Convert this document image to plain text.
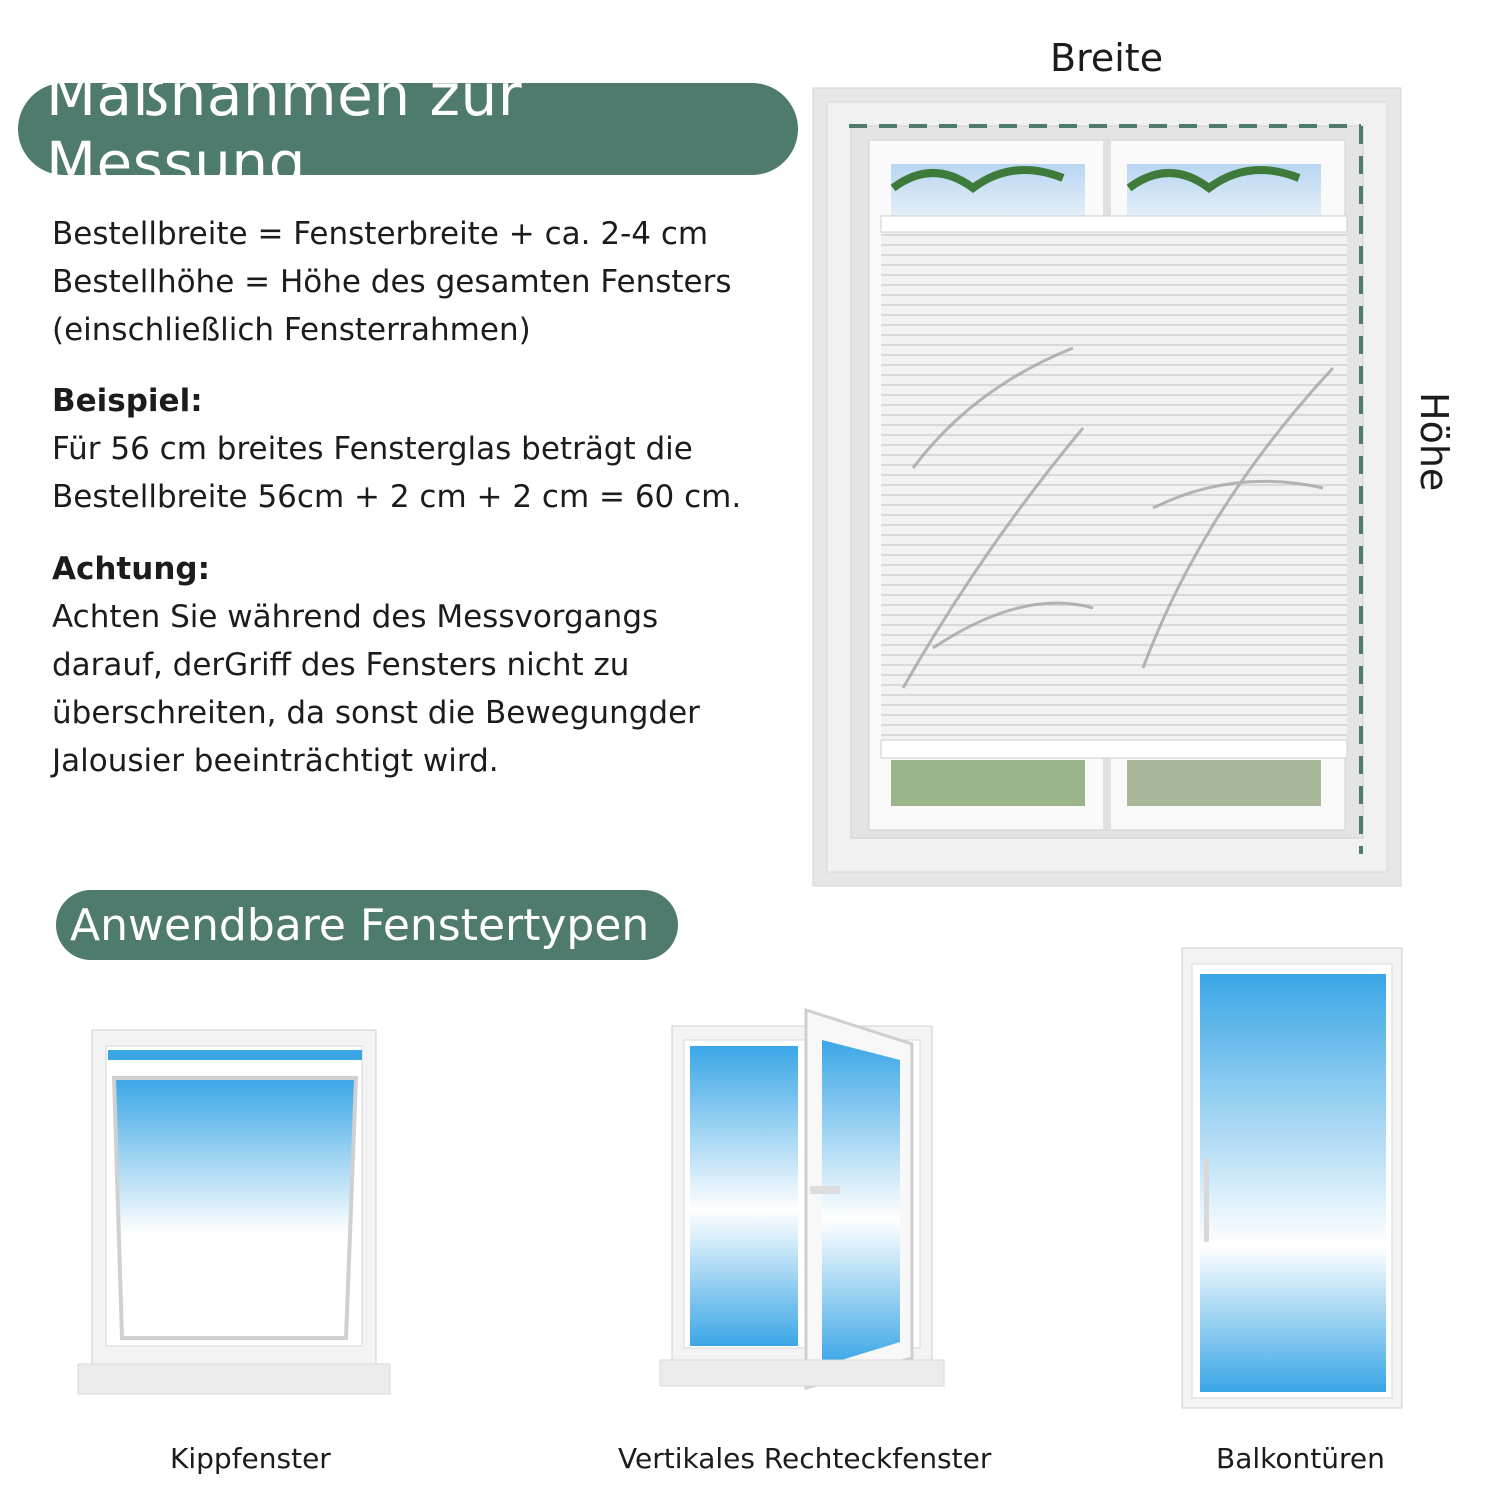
Maßnahmen zur Messung
Bestellbreite = Fensterbreite + ca. 2-4 cm
Bestellhöhe = Höhe des gesamten Fensters
(einschließlich Fensterrahmen)
Beispiel:
Für 56 cm breites Fensterglas beträgt die
Bestellbreite 56cm + 2 cm + 2 cm = 60 cm.
Achtung:
Achten Sie während des Messvorgangs
darauf, derGriff des Fensters nicht zu
überschreiten, da sonst die Bewegungder
Jalousier beeinträchtigt wird.
Breite
Höhe
Anwendbare Fenstertypen
Kippfenster	Vertikales Rechteckfenster	Balkontüren
